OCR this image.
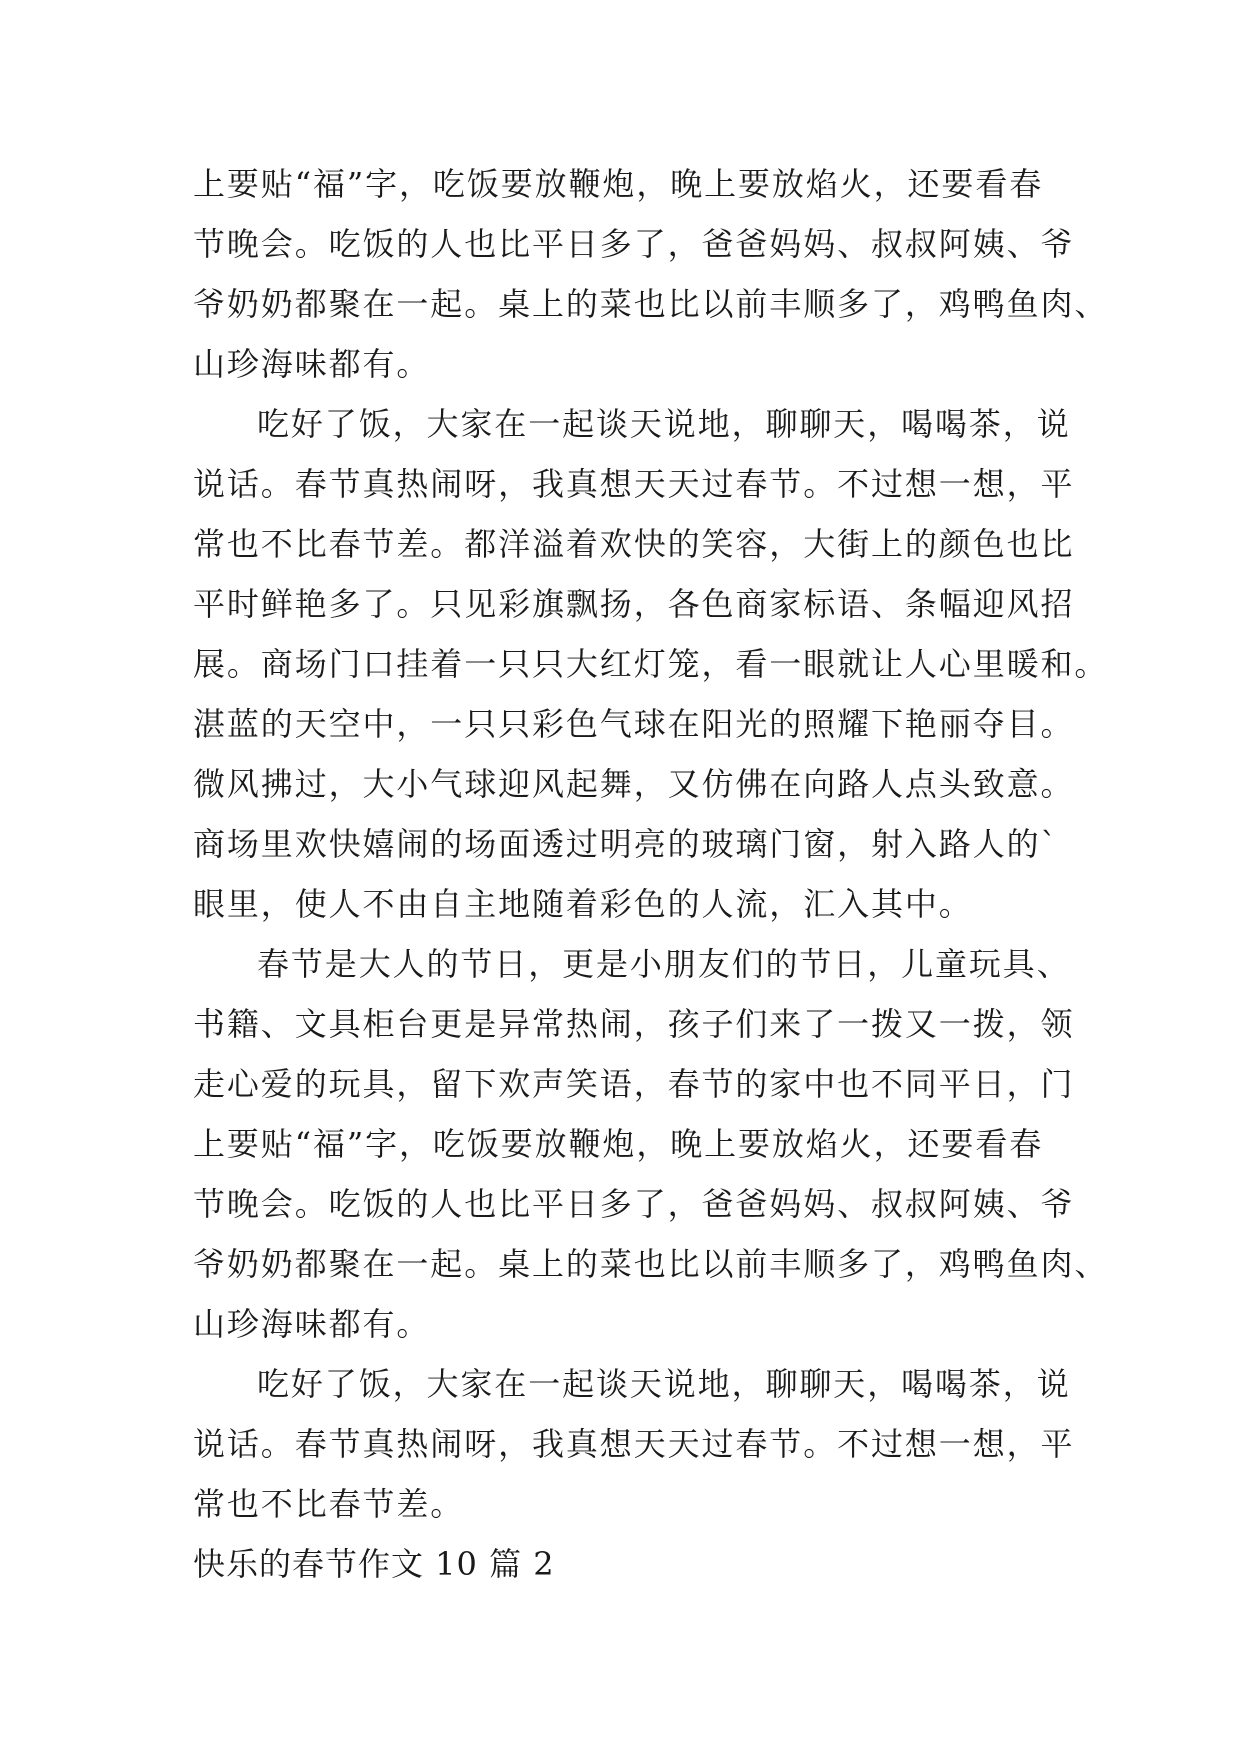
上要贴“福”字，吃饭要放鞭炮，晚上要放焰火，还要看春
节晚会。吃饭的人也比平日多了，爸爸妈妈、叔叔阿姨、爷
爷奶奶都聚在一起。桌上的菜也比以前丰顺多了，鸡鸭鱼肉、
山珍海味都有。
吃好了饭，大家在一起谈天说地，聊聊天，喝喝茶，说
说话。春节真热闹呀，我真想天天过春节。不过想一想，平
常也不比春节差。都洋溢着欢快的笑容，大街上的颜色也比
平时鲜艳多了。只见彩旗飘扬，各色商家标语、条幅迎风招
展。商场门口挂着一只只大红灯笼，看一眼就让人心里暖和。
湛蓝的天空中，一只只彩色气球在阳光的照耀下艳丽夺目。
微风拂过，大小气球迎风起舞，又仿佛在向路人点头致意。
商场里欢快嬉闹的场面透过明亮的玻璃门窗，射入路人的`
眼里，使人不由自主地随着彩色的人流，汇入其中。
春节是大人的节日，更是小朋友们的节日，儿童玩具、
书籍、文具柜台更是异常热闹，孩子们来了一拨又一拨，领
走心爱的玩具，留下欢声笑语，春节的家中也不同平日，门
上要贴“福”字，吃饭要放鞭炮，晚上要放焰火，还要看春
节晚会。吃饭的人也比平日多了，爸爸妈妈、叔叔阿姨、爷
爷奶奶都聚在一起。桌上的菜也比以前丰顺多了，鸡鸭鱼肉、
山珍海味都有。
吃好了饭，大家在一起谈天说地，聊聊天，喝喝茶，说
说话。春节真热闹呀，我真想天天过春节。不过想一想，平
常也不比春节差。
快乐的春节作文 10 篇 2
